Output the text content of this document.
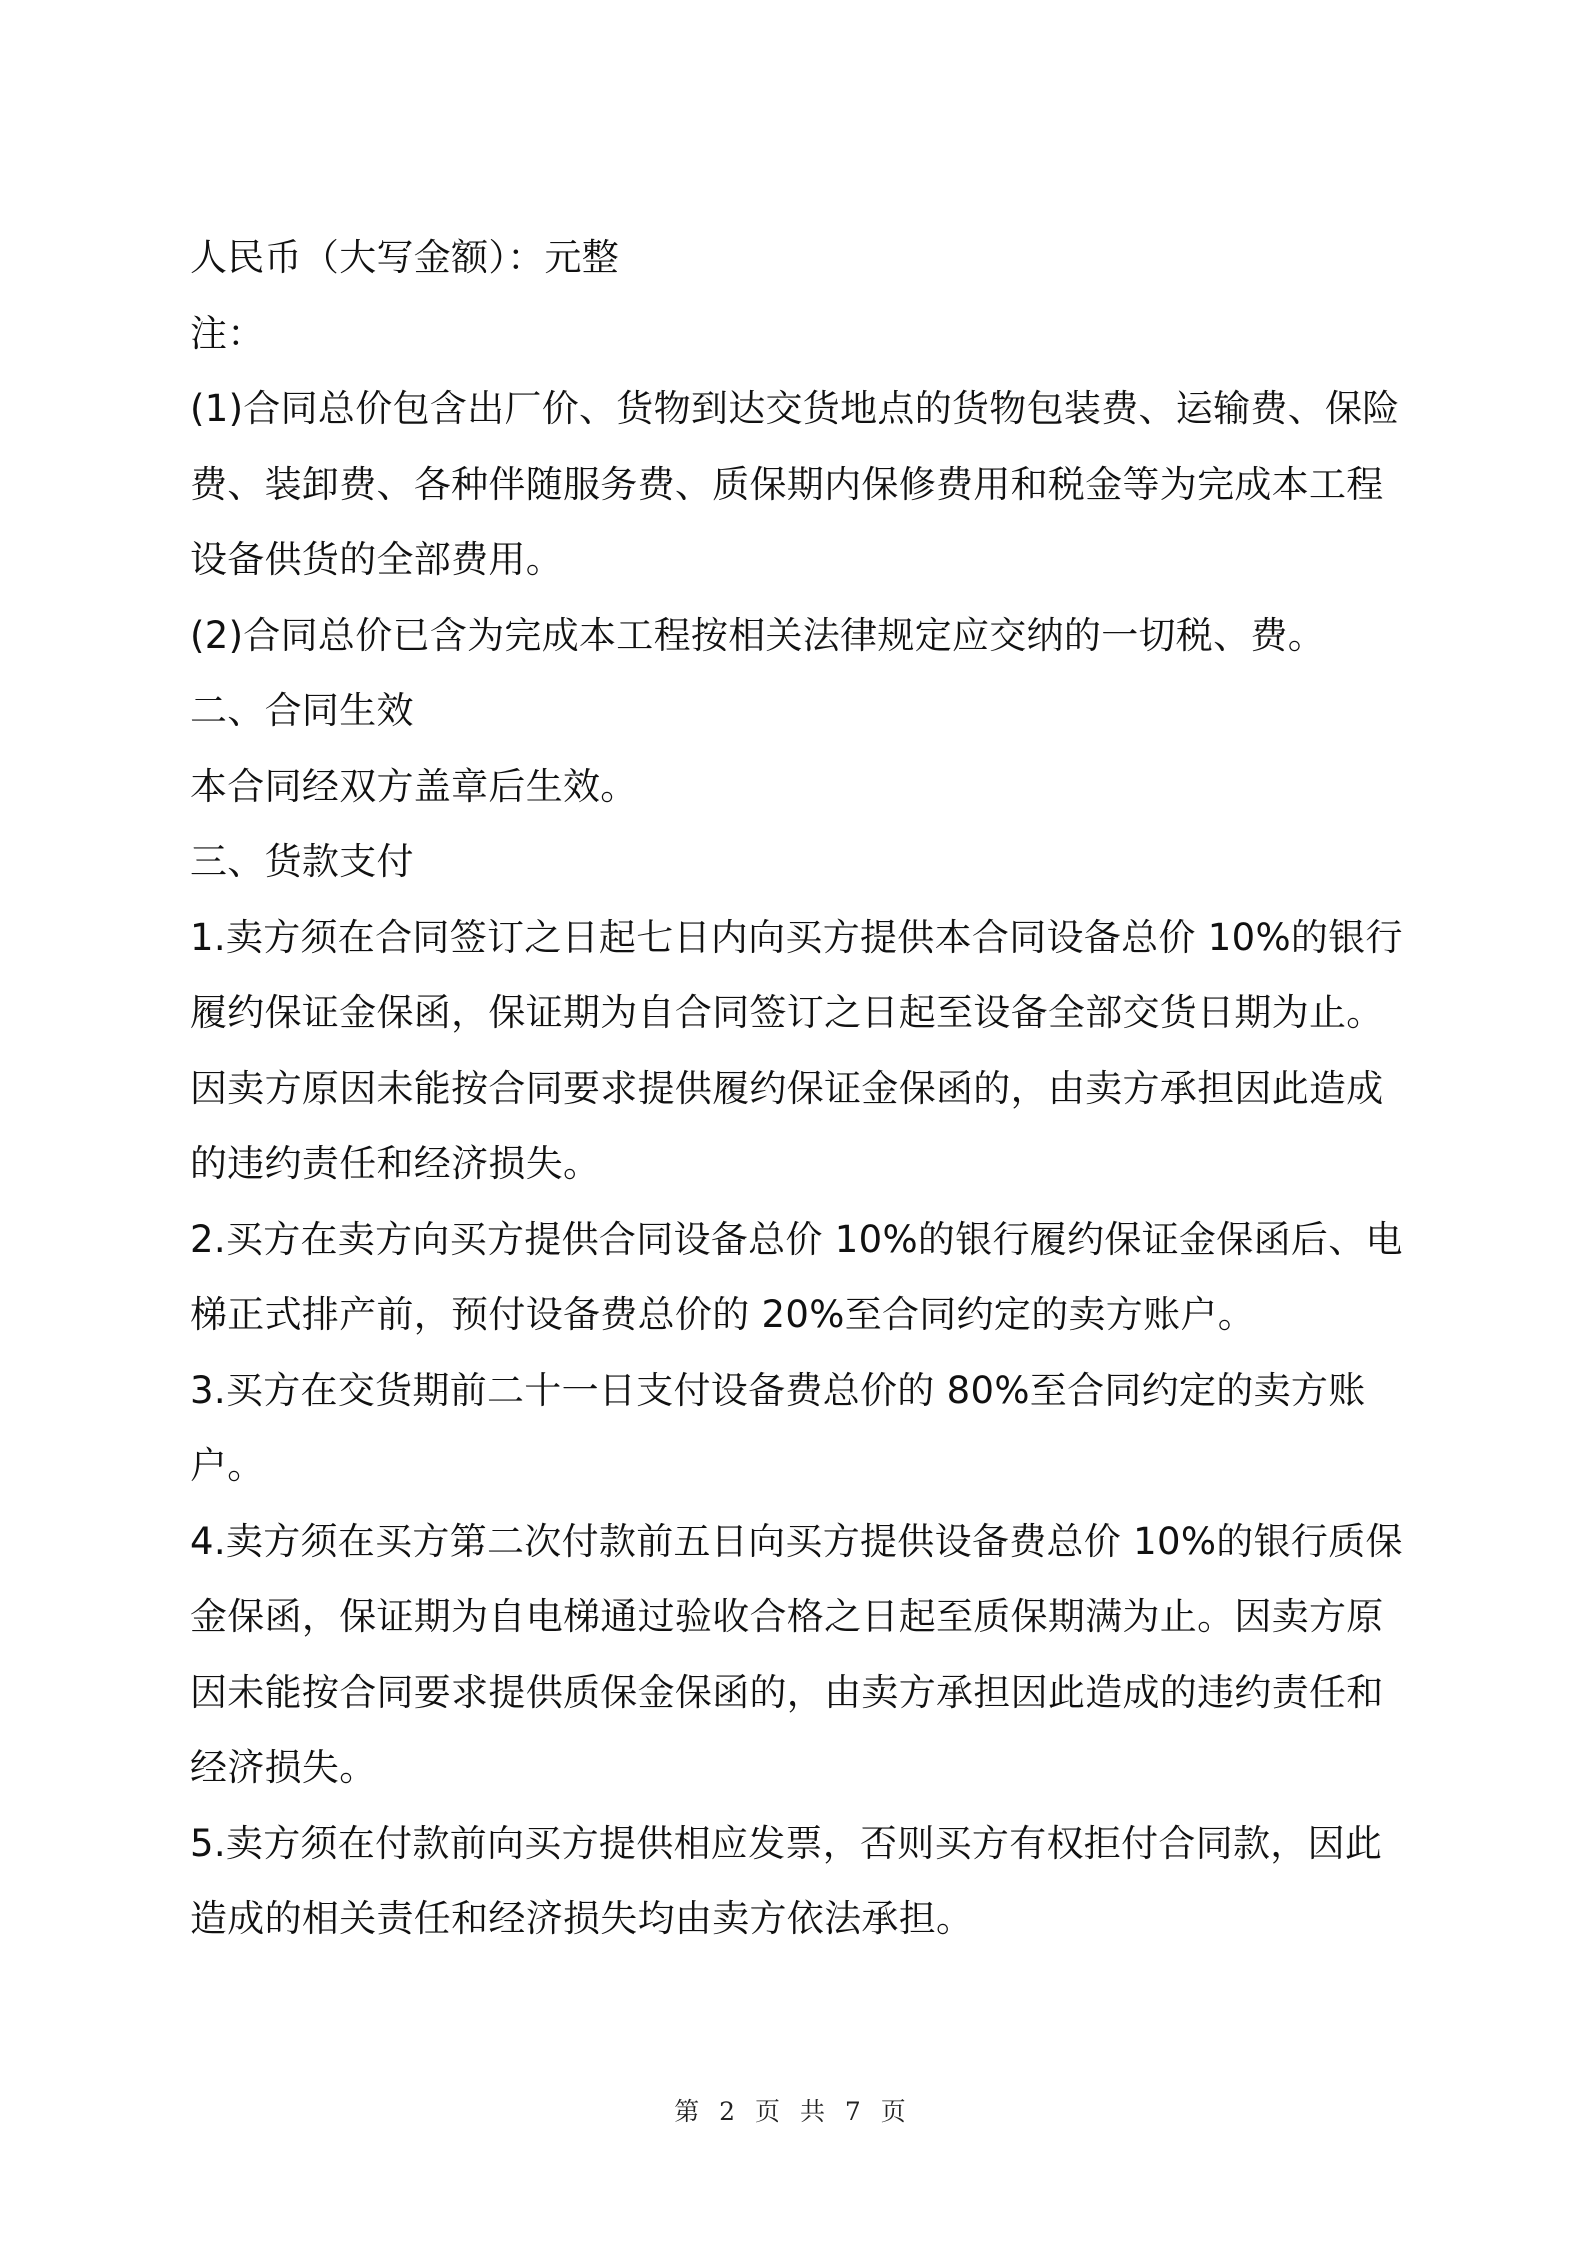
人民币（大写金额）：元整
注：
(1)合同总价包含出厂价、货物到达交货地点的货物包装费、运输费、保险
费、装卸费、各种伴随服务费、质保期内保修费用和税金等为完成本工程
设备供货的全部费用。
(2)合同总价已含为完成本工程按相关法律规定应交纳的一切税、费。
二、合同生效
本合同经双方盖章后生效。
三、货款支付
1.卖方须在合同签订之日起七日内向买方提供本合同设备总价 10%的银行
履约保证金保函，保证期为自合同签订之日起至设备全部交货日期为止。
因卖方原因未能按合同要求提供履约保证金保函的，由卖方承担因此造成
的违约责任和经济损失。
2.买方在卖方向买方提供合同设备总价 10%的银行履约保证金保函后、电
梯正式排产前，预付设备费总价的 20%至合同约定的卖方账户。
3.买方在交货期前二十一日支付设备费总价的 80%至合同约定的卖方账
户。
4.卖方须在买方第二次付款前五日向买方提供设备费总价 10%的银行质保
金保函，保证期为自电梯通过验收合格之日起至质保期满为止。因卖方原
因未能按合同要求提供质保金保函的，由卖方承担因此造成的违约责任和
经济损失。
5.卖方须在付款前向买方提供相应发票，否则买方有权拒付合同款，因此
造成的相关责任和经济损失均由卖方依法承担。
第 2 页 共 7 页
